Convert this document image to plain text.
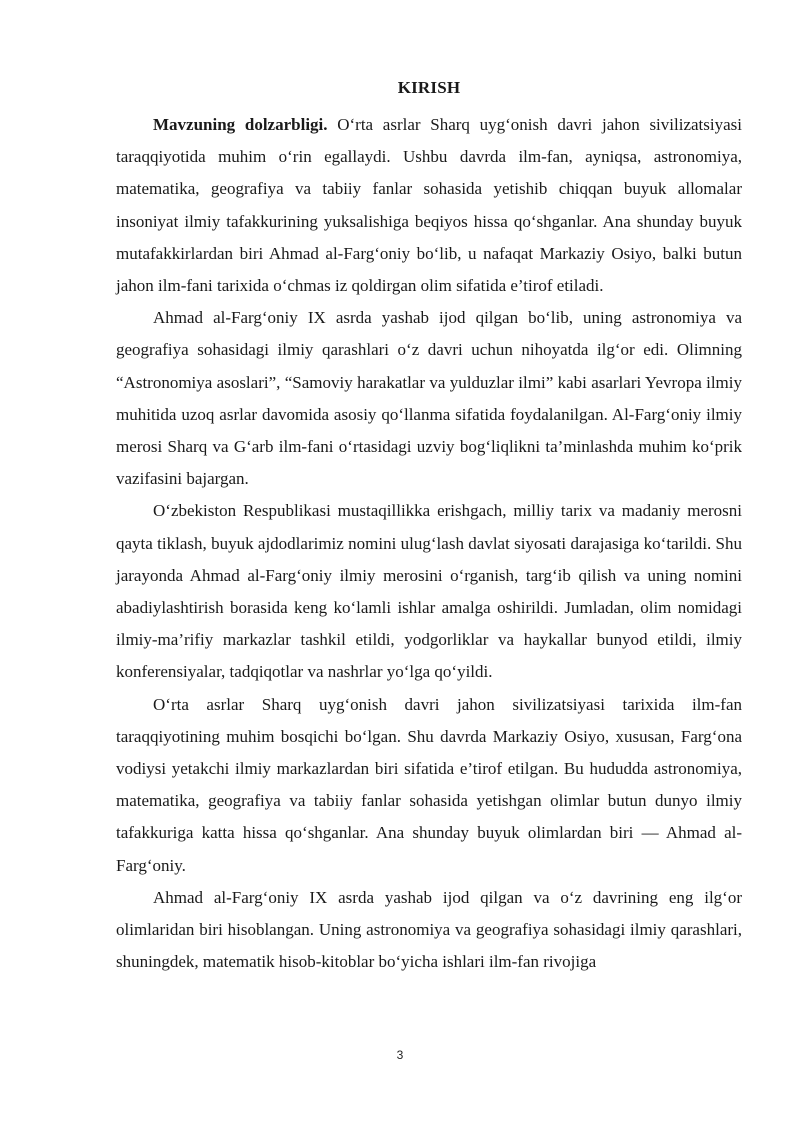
KIRISH

Mavzuning dolzarbligi. O‘rta asrlar Sharq uyg‘onish davri jahon sivilizatsiyasi taraqqiyotida muhim o‘rin egallaydi. Ushbu davrda ilm-fan, ayniqsa, astronomiya, matematika, geografiya va tabiiy fanlar sohasida yetishib chiqqan buyuk allomalar insoniyat ilmiy tafakkurining yuksalishiga beqiyos hissa qo‘shganlar. Ana shunday buyuk mutafakkirlardan biri Ahmad al-Farg‘oniy bo‘lib, u nafaqat Markaziy Osiyo, balki butun jahon ilm-fani tarixida o‘chmas iz qoldirgan olim sifatida e’tirof etiladi.

Ahmad al-Farg‘oniy IX asrda yashab ijod qilgan bo‘lib, uning astronomiya va geografiya sohasidagi ilmiy qarashlari o‘z davri uchun nihoyatda ilg‘or edi. Olimning “Astronomiya asoslari”, “Samoviy harakatlar va yulduzlar ilmi” kabi asarlari Yevropa ilmiy muhitida uzoq asrlar davomida asosiy qo‘llanma sifatida foydalanilgan. Al-Farg‘oniy ilmiy merosi Sharq va G‘arb ilm-fani o‘rtasidagi uzviy bog‘liqlikni ta’minlashda muhim ko‘prik vazifasini bajargan.

O‘zbekiston Respublikasi mustaqillikka erishgach, milliy tarix va madaniy merosni qayta tiklash, buyuk ajdodlarimiz nomini ulug‘lash davlat siyosati darajasiga ko‘tarildi. Shu jarayonda Ahmad al-Farg‘oniy ilmiy merosini o‘rganish, targ‘ib qilish va uning nomini abadiylashtirish borasida keng ko‘lamli ishlar amalga oshirildi. Jumladan, olim nomidagi ilmiy-ma’rifiy markazlar tashkil etildi, yodgorliklar va haykallar bunyod etildi, ilmiy konferensiyalar, tadqiqotlar va nashrlar yo‘lga qo‘yildi.

O‘rta asrlar Sharq uyg‘onish davri jahon sivilizatsiyasi tarixida ilm-fan taraqqiyotining muhim bosqichi bo‘lgan. Shu davrda Markaziy Osiyo, xususan, Farg‘ona vodiysi yetakchi ilmiy markazlardan biri sifatida e’tirof etilgan. Bu hududda astronomiya, matematika, geografiya va tabiiy fanlar sohasida yetishgan olimlar butun dunyo ilmiy tafakkuriga katta hissa qo‘shganlar. Ana shunday buyuk olimlardan biri — Ahmad al-Farg‘oniy.

Ahmad al-Farg‘oniy IX asrda yashab ijod qilgan va o‘z davrining eng ilg‘or olimlaridan biri hisoblangan. Uning astronomiya va geografiya sohasidagi ilmiy qarashlari, shuningdek, matematik hisob-kitoblar bo‘yicha ishlari ilm-fan rivojiga

3
